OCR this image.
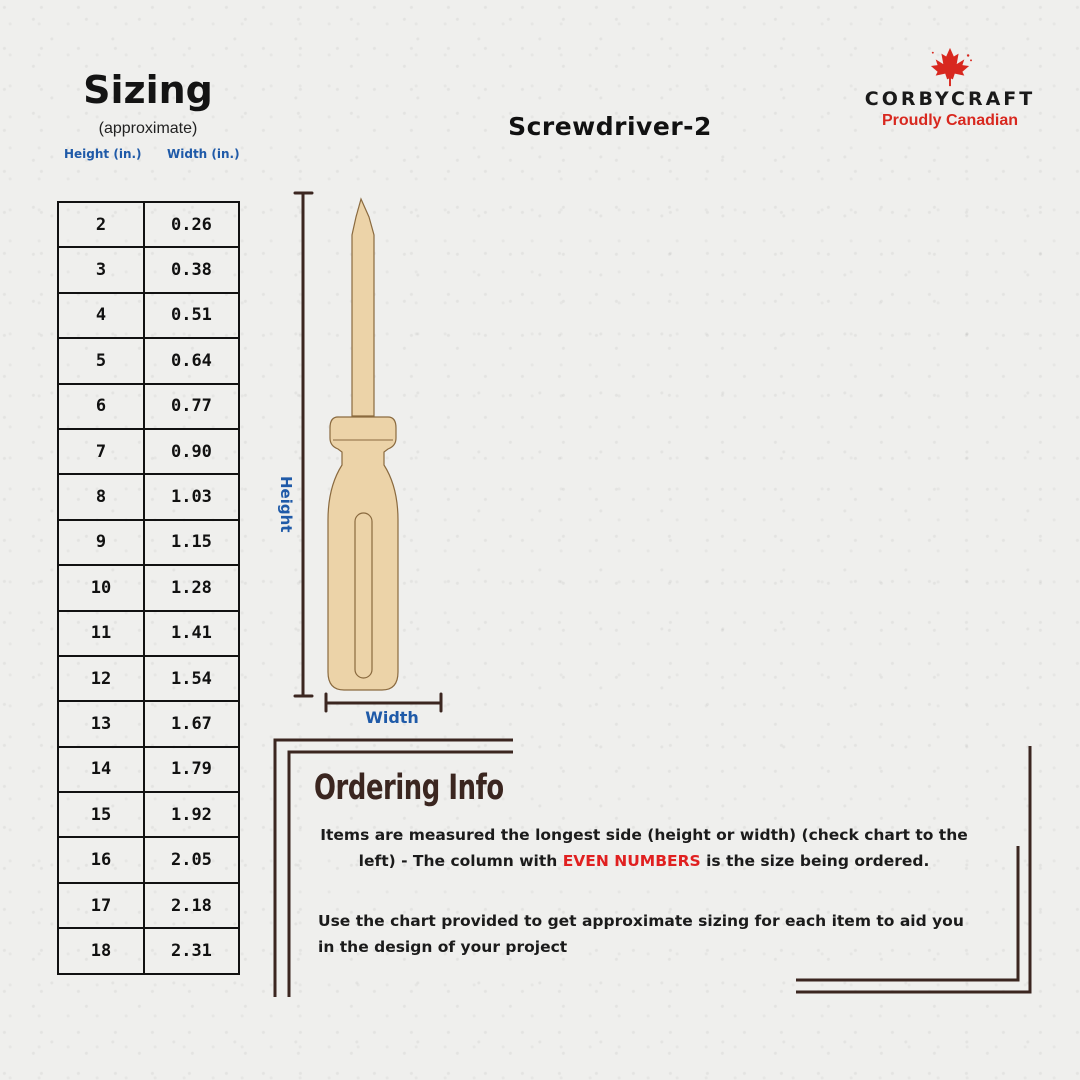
Sizing
(approximate)
Height (in.) Width (in.)
2	0.26
3	0.38
4	0.51
5	0.64
6	0.77
7	0.90
8	1.03
9	1.15
10	1.28
11	1.41
12	1.54
13	1.67
14	1.79
15	1.92
16	2.05
17	2.18
18	2.31
Screwdriver-2
CORBYCRAFT
Proudly Canadian
Height
Width
Ordering Info
Items are measured the longest side (height or width) (check chart to the left) - The column with EVEN NUMBERS is the size being ordered.
Use the chart provided to get approximate sizing for each item to aid you in the design of your project
